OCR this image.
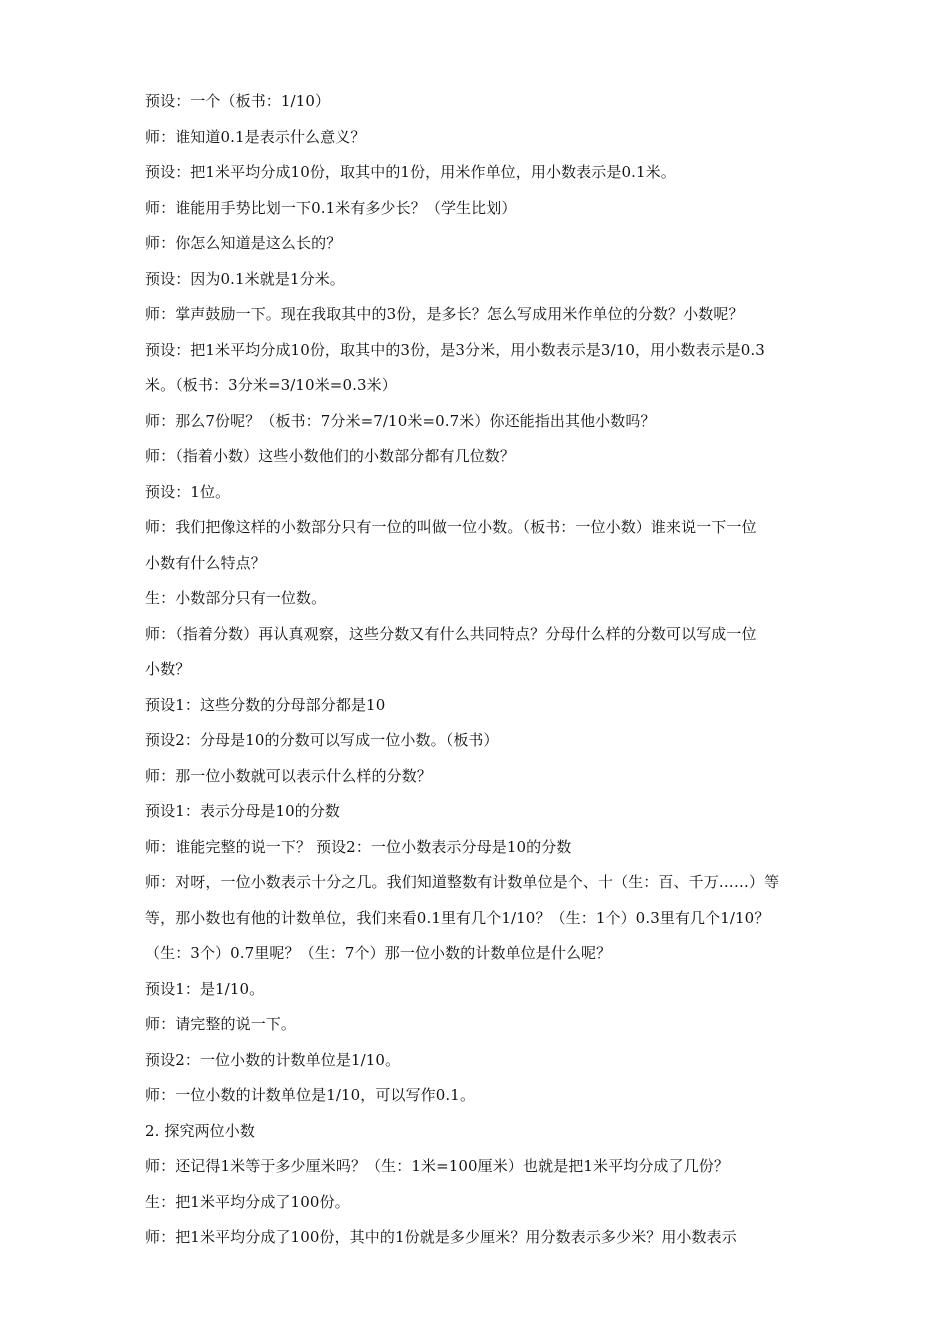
预设：一个（板书：1/10）
师：谁知道0.1是表示什么意义？
预设：把1米平均分成10份，取其中的1份，用米作单位，用小数表示是0.1米。
师：谁能用手势比划一下0.1米有多少长？（学生比划）
师：你怎么知道是这么长的？
预设：因为0.1米就是1分米。
师：掌声鼓励一下。现在我取其中的3份，是多长？怎么写成用米作单位的分数？小数呢？
预设：把1米平均分成10份，取其中的3份，是3分米，用小数表示是3/10，用小数表示是0.3
米。（板书：3分米=3/10米=0.3米）
师：那么7份呢？（板书：7分米=7/10米=0.7米）你还能指出其他小数吗？
师：（指着小数）这些小数他们的小数部分都有几位数？
预设：1位。
师：我们把像这样的小数部分只有一位的叫做一位小数。（板书：一位小数）谁来说一下一位
小数有什么特点？
生：小数部分只有一位数。
师：（指着分数）再认真观察，这些分数又有什么共同特点？分母什么样的分数可以写成一位
小数？
预设1：这些分数的分母部分都是10
预设2：分母是10的分数可以写成一位小数。（板书）
师：那一位小数就可以表示什么样的分数？
预设1：表示分母是10的分数
师：谁能完整的说一下？ 预设2：一位小数表示分母是10的分数
师：对呀，一位小数表示十分之几。我们知道整数有计数单位是个、十（生：百、千万……）等
等，那小数也有他的计数单位，我们来看0.1里有几个1/10？（生：1个）0.3里有几个1/10？
（生：3个）0.7里呢？（生：7个）那一位小数的计数单位是什么呢？
预设1：是1/10。
师：请完整的说一下。
预设2：一位小数的计数单位是1/10。
师：一位小数的计数单位是1/10，可以写作0.1。
2. 探究两位小数
师：还记得1米等于多少厘米吗？（生：1米=100厘米）也就是把1米平均分成了几份？
生：把1米平均分成了100份。
师：把1米平均分成了100份，其中的1份就是多少厘米？用分数表示多少米？用小数表示
